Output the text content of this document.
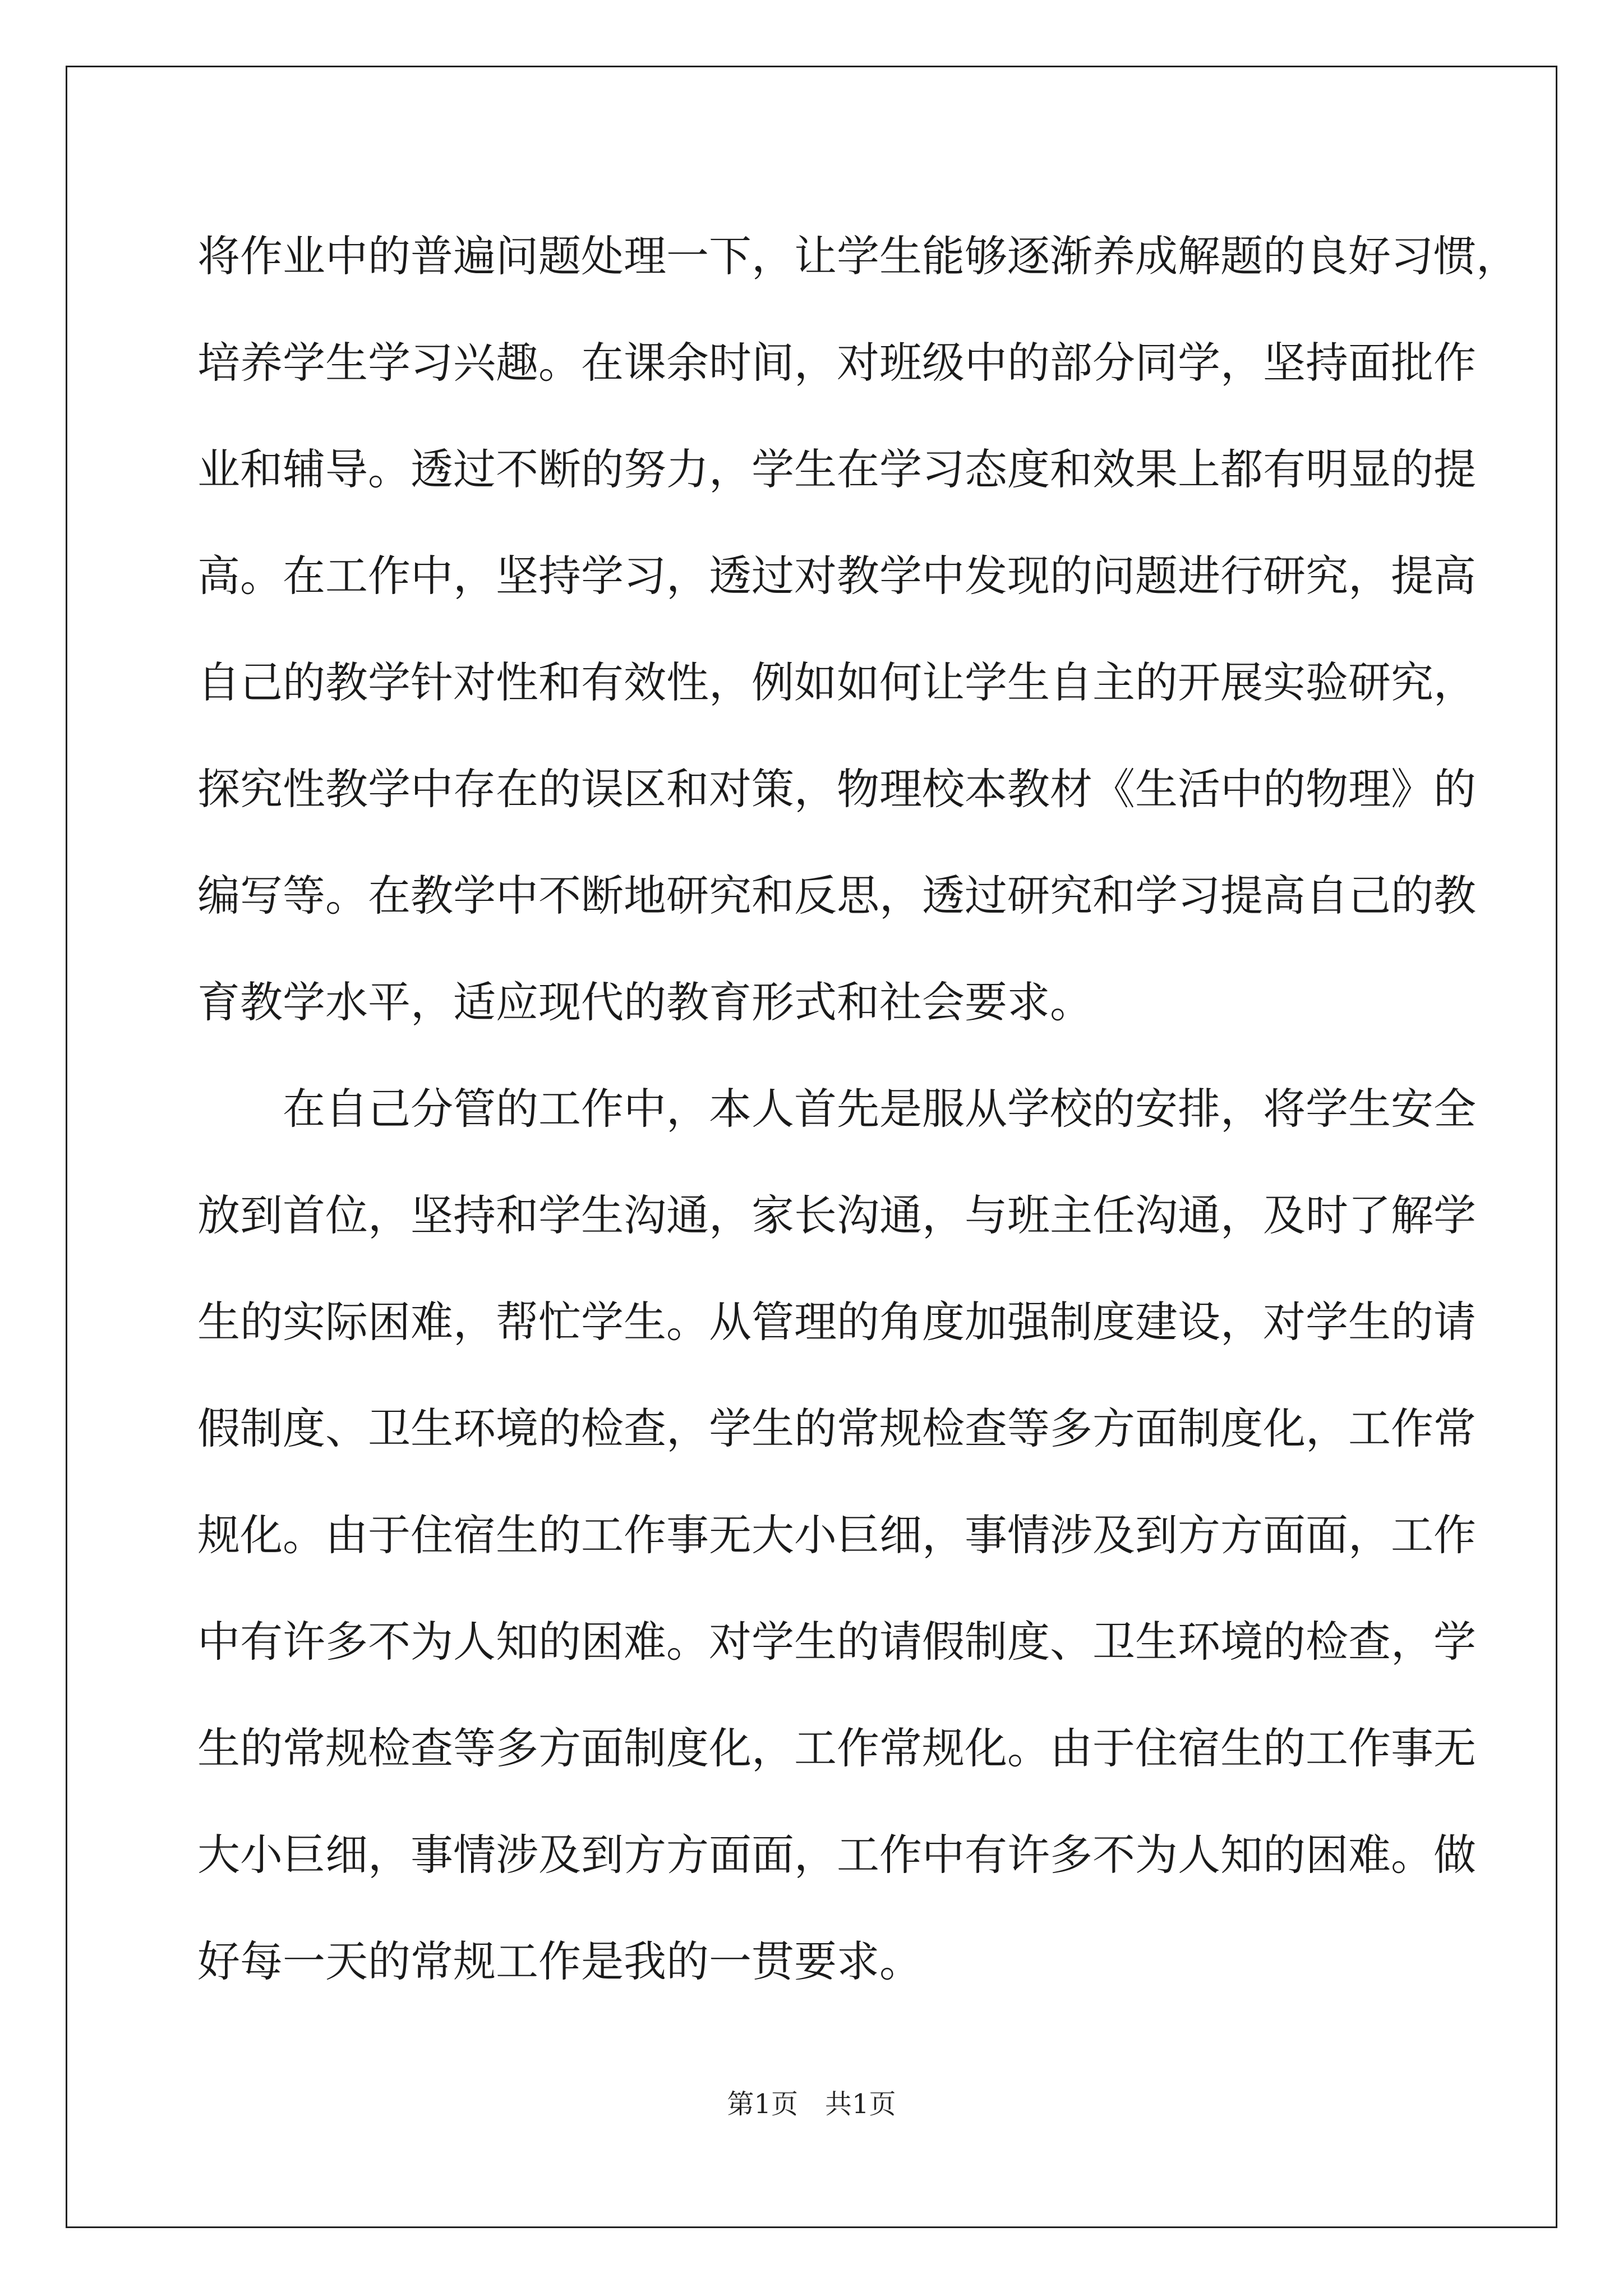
将作业中的普遍问题处理一下，让学生能够逐渐养成解题的良好习惯，
培养学生学习兴趣。在课余时间，对班级中的部分同学，坚持面批作
业和辅导。透过不断的努力，学生在学习态度和效果上都有明显的提
高。在工作中，坚持学习，透过对教学中发现的问题进行研究，提高
自己的教学针对性和有效性，例如如何让学生自主的开展实验研究，
探究性教学中存在的误区和对策，物理校本教材《生活中的物理》的
编写等。在教学中不断地研究和反思，透过研究和学习提高自己的教
育教学水平，适应现代的教育形式和社会要求。
　　在自己分管的工作中，本人首先是服从学校的安排，将学生安全
放到首位，坚持和学生沟通，家长沟通，与班主任沟通，及时了解学
生的实际困难，帮忙学生。从管理的角度加强制度建设，对学生的请
假制度、卫生环境的检查，学生的常规检查等多方面制度化，工作常
规化。由于住宿生的工作事无大小巨细，事情涉及到方方面面，工作
中有许多不为人知的困难。对学生的请假制度、卫生环境的检查，学
生的常规检查等多方面制度化，工作常规化。由于住宿生的工作事无
大小巨细，事情涉及到方方面面，工作中有许多不为人知的困难。做
好每一天的常规工作是我的一贯要求。
第1页　共1页
